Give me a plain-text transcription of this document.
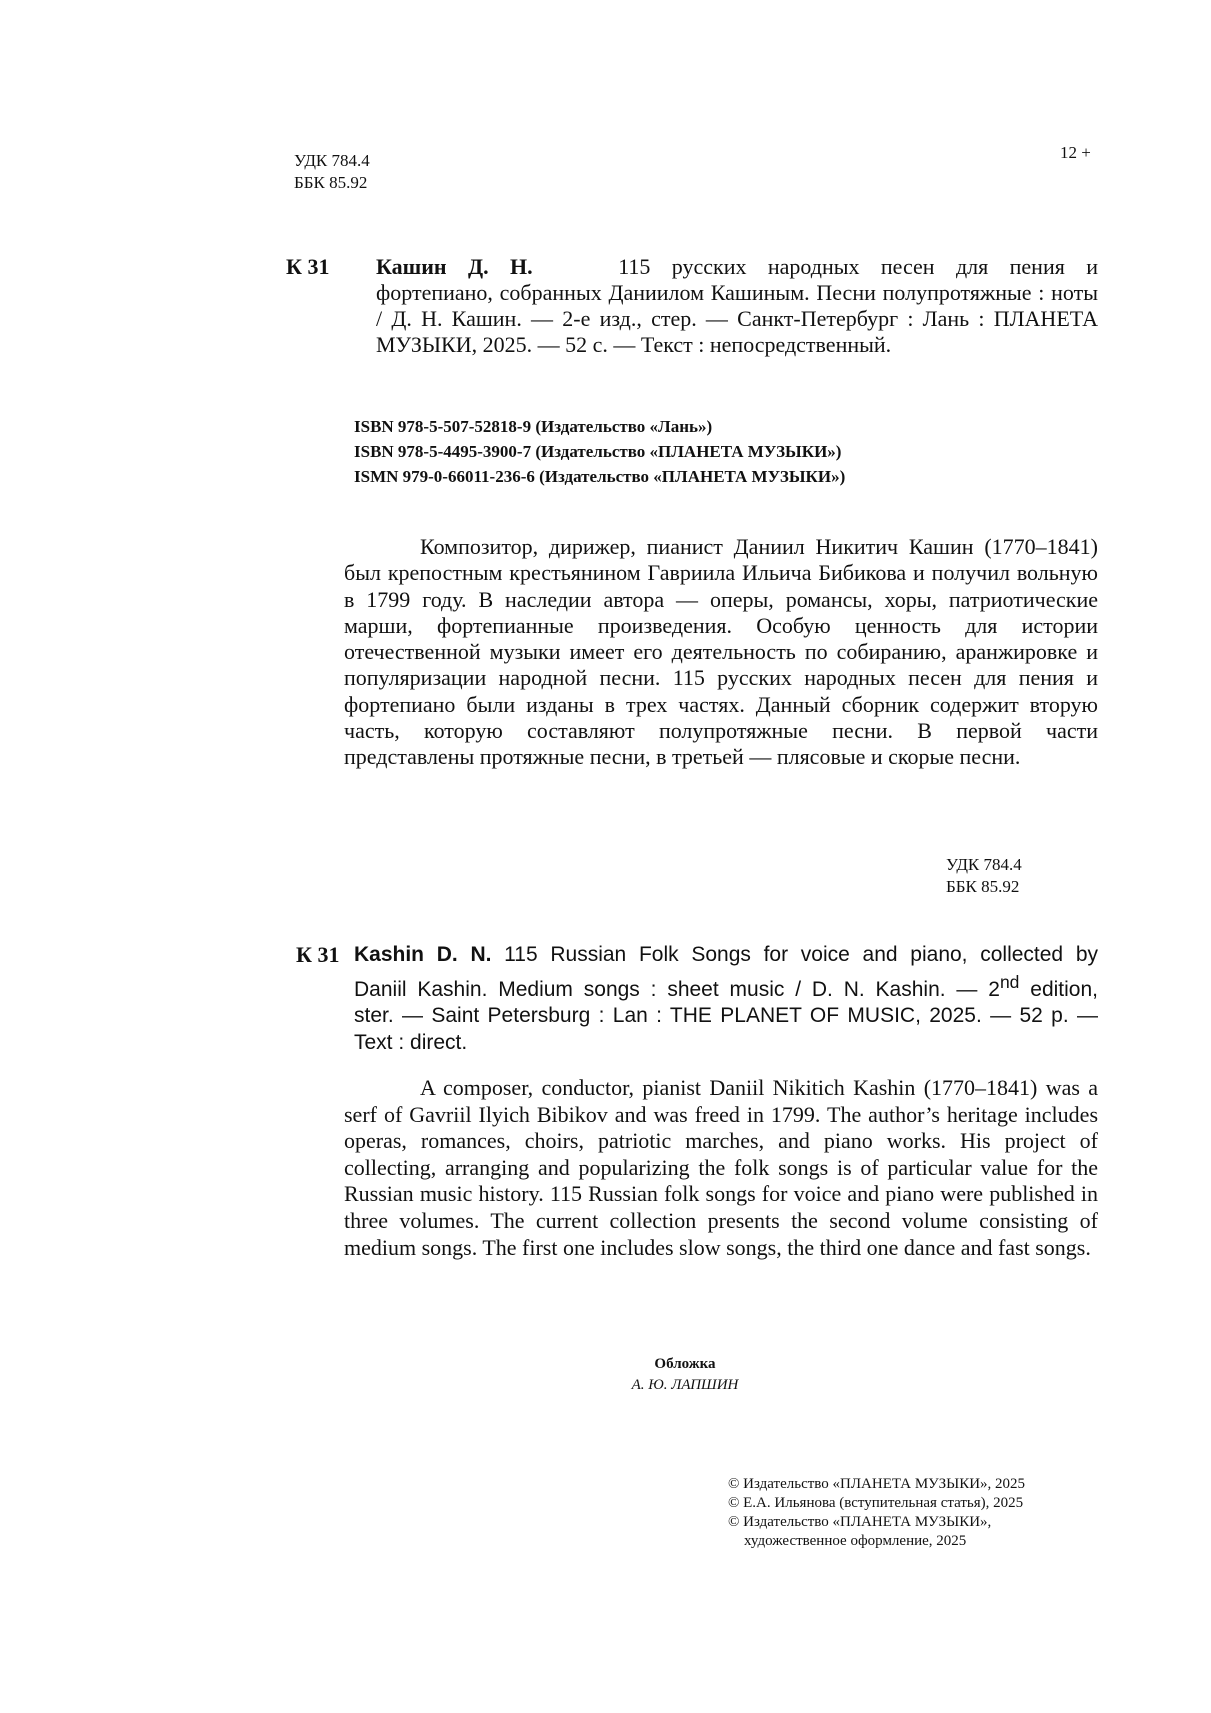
УДК 784.4
ББК 85.92
12 +
К 31	Кашин Д. Н.	115 русских народных песен для пения и
фортепиано, собранных Даниилом Кашиным. Песни полупротяжные : ноты / Д. Н. Кашин. — 2-е изд., стер. — Санкт-Петербург : Лань : ПЛАНЕТА МУЗЫКИ, 2025. — 52 с. — Текст : непосредственный.
ISBN 978-5-507-52818-9 (Издательство «Лань»)
ISBN 978-5-4495-3900-7 (Издательство «ПЛАНЕТА МУЗЫКИ»)
ISMN 979-0-66011-236-6 (Издательство «ПЛАНЕТА МУЗЫКИ»)

Композитор, дирижер, пианист Даниил Никитич Кашин (1770–1841) был крепостным крестьянином Гавриила Ильича Бибикова и получил вольную в 1799 году. В наследии автора — оперы, романсы, хоры, патриотические марши, фортепианные произведения. Особую ценность для истории отечественной музыки имеет его деятельность по собиранию, аранжировке и популяризации народной песни. 115 русских народных песен для пения и фортепиано были изданы в трех частях. Данный сборник содержит вторую часть, которую составляют полупротяжные песни. В первой части представлены протяжные песни, в третьей — плясовые и скорые песни.

УДК 784.4
ББК 85.92
К 31 Kashin D. N. 115 Russian Folk Songs for voice and piano, collected by
Daniil Kashin. Medium songs : sheet music / D. N. Kashin. — 2nd edition,
ster. — Saint Petersburg : Lan : THE PLANET OF MUSIC, 2025. — 52 p. — Text : direct.

A composer, conductor, pianist Daniil Nikitich Kashin (1770–1841) was a serf of Gavriil Ilyich Bibikov and was freed in 1799. The author’s heritage includes operas, romances, choirs, patriotic marches, and piano works. His project of collecting, arranging and popularizing the folk songs is of particular value for the Russian music history. 115 Russian folk songs for voice and piano were published in three volumes. The current collection presents the second volume consisting of medium songs. The first one includes slow songs, the third one dance and fast songs.

Обложка
А. Ю. ЛАПШИН
© Издательство «ПЛАНЕТА МУЗЫКИ», 2025
© Е.А. Ильянова (вступительная статья), 2025
© Издательство «ПЛАНЕТА МУЗЫКИ»,
художественное оформление, 2025
